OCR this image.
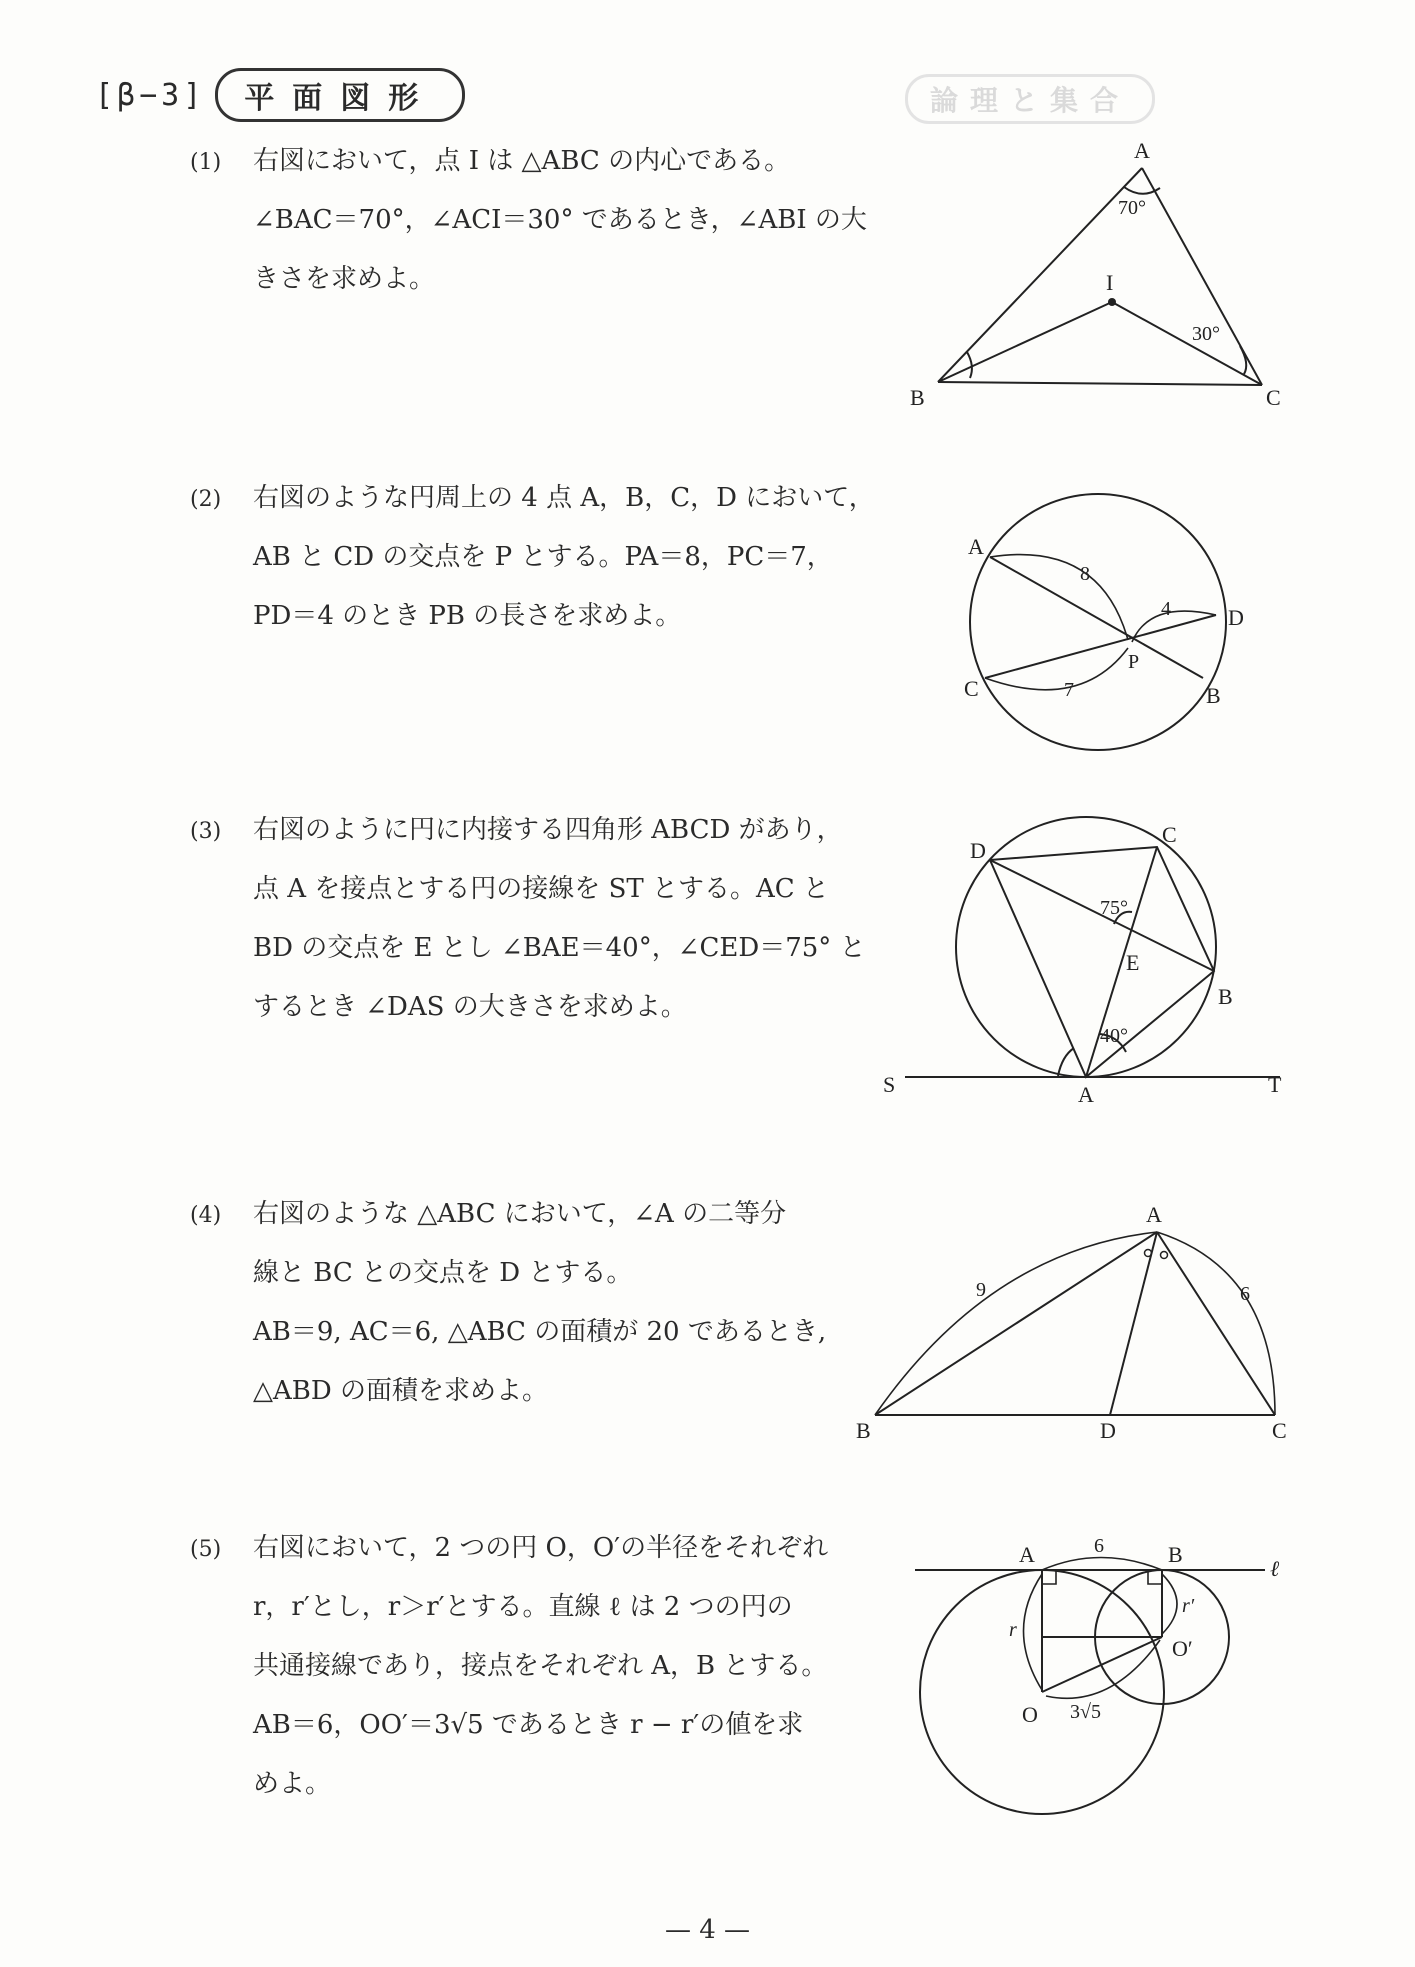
[β−3]	平面図形	論理と集合
(1) 右図において，点 I は △ABC の内心である。
∠BAC＝70°，∠ACI＝30° であるとき，∠ABI の大
きさを求めよ。
A
B	C
I
70°
30°
(2) 右図のような円周上の 4 点 A，B，C，D において，
AB と CD の交点を P とする。PA＝8，PC＝7，
PD＝4 のとき PB の長さを求めよ。
A
B
C
D
P
8
7
4
(3) 右図のように円に内接する四角形 ABCD があり，
点 A を接点とする円の接線を ST とする。AC と
BD の交点を E とし ∠BAE＝40°，∠CED＝75° と
するとき ∠DAS の大きさを求めよ。
D
C
B
A
E
S	T
40°
75°
(4) 右図のような △ABC において，∠A の二等分
線と BC との交点を D とする。
AB＝9, AC＝6, △ABC の面積が 20 であるとき,
△ABD の面積を求めよ。
A
B	C
D
9	6
(5) 右図において，2 つの円 O，O′の半径をそれぞれ
r，r′とし，r＞r′とする。直線 ℓ は 2 つの円の
共通接線であり，接点をそれぞれ A，B とする。
AB＝6，OO′＝3√5 であるとき r − r′の値を求
めよ。
A	B
ℓ
O
O′
r
r′
6
3√5
— 4 —
